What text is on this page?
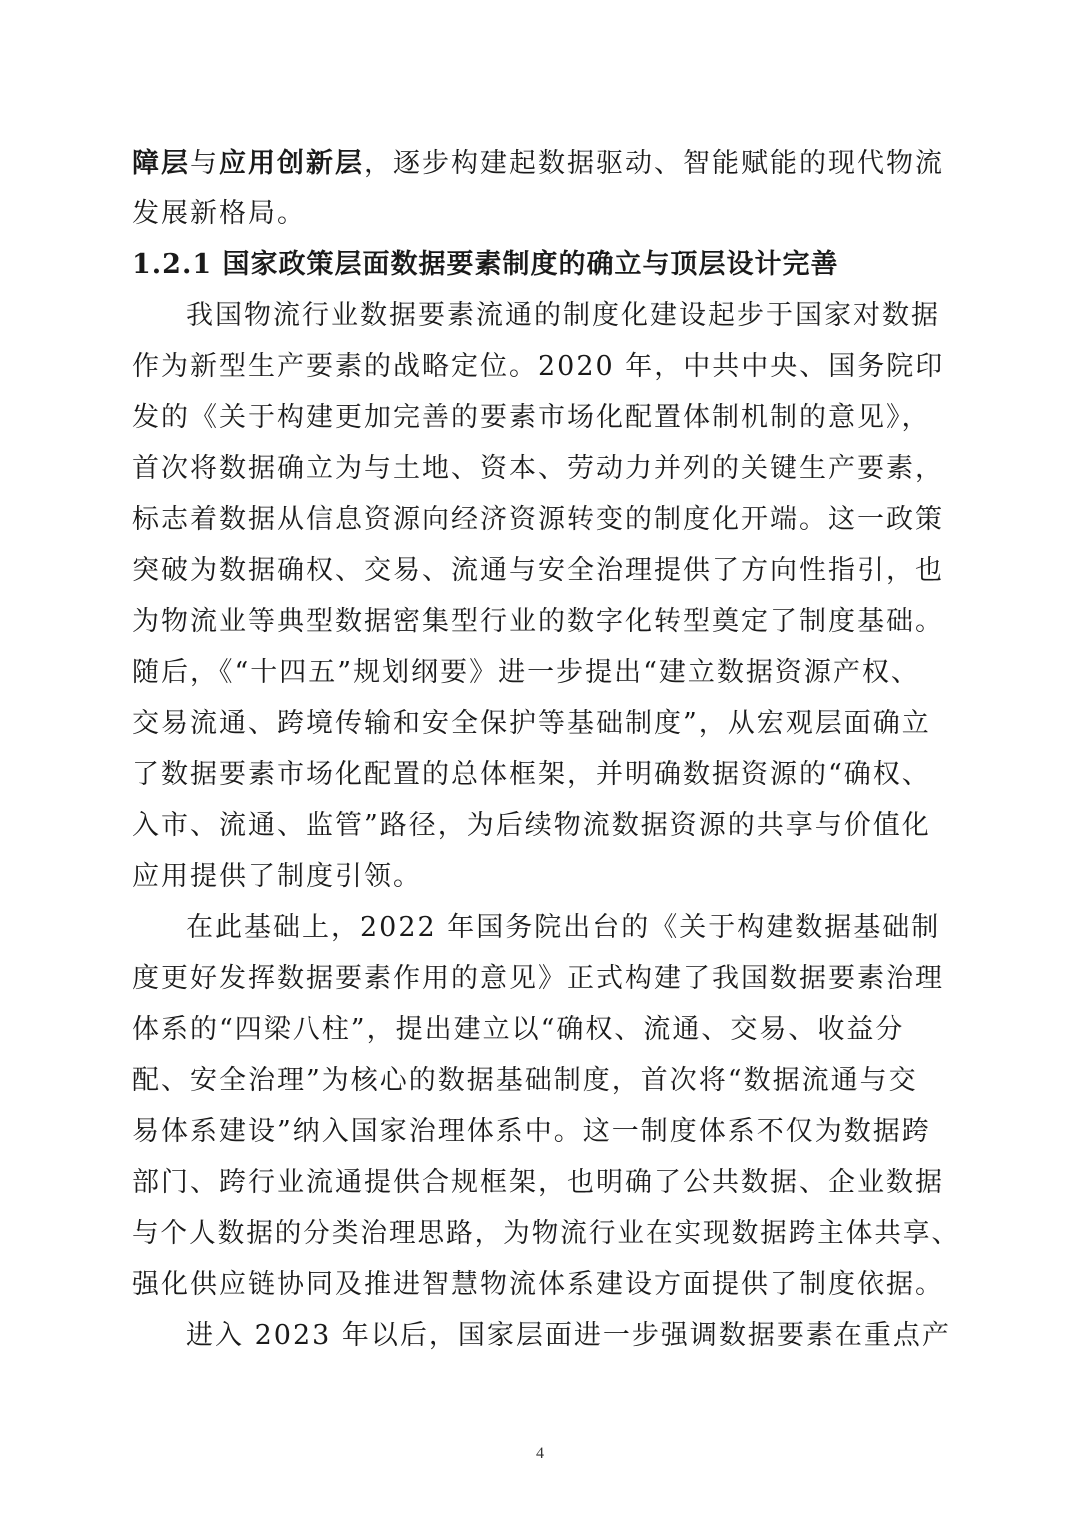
障层与应用创新层，逐步构建起数据驱动、智能赋能的现代物流
发展新格局。
1.2.1 国家政策层面数据要素制度的确立与顶层设计完善
我国物流行业数据要素流通的制度化建设起步于国家对数据
作为新型生产要素的战略定位。2020 年，中共中央、国务院印
发的《关于构建更加完善的要素市场化配置体制机制的意见》，
首次将数据确立为与土地、资本、劳动力并列的关键生产要素，
标志着数据从信息资源向经济资源转变的制度化开端。这一政策
突破为数据确权、交易、流通与安全治理提供了方向性指引，也
为物流业等典型数据密集型行业的数字化转型奠定了制度基础。
随后，《“十四五”规划纲要》进一步提出“建立数据资源产权、
交易流通、跨境传输和安全保护等基础制度”，从宏观层面确立
了数据要素市场化配置的总体框架，并明确数据资源的“确权、
入市、流通、监管”路径，为后续物流数据资源的共享与价值化
应用提供了制度引领。
在此基础上，2022 年国务院出台的《关于构建数据基础制
度更好发挥数据要素作用的意见》正式构建了我国数据要素治理
体系的“四梁八柱”，提出建立以“确权、流通、交易、收益分
配、安全治理”为核心的数据基础制度，首次将“数据流通与交
易体系建设”纳入国家治理体系中。这一制度体系不仅为数据跨
部门、跨行业流通提供合规框架，也明确了公共数据、企业数据
与个人数据的分类治理思路，为物流行业在实现数据跨主体共享、
强化供应链协同及推进智慧物流体系建设方面提供了制度依据。
进入 2023 年以后，国家层面进一步强调数据要素在重点产
4
